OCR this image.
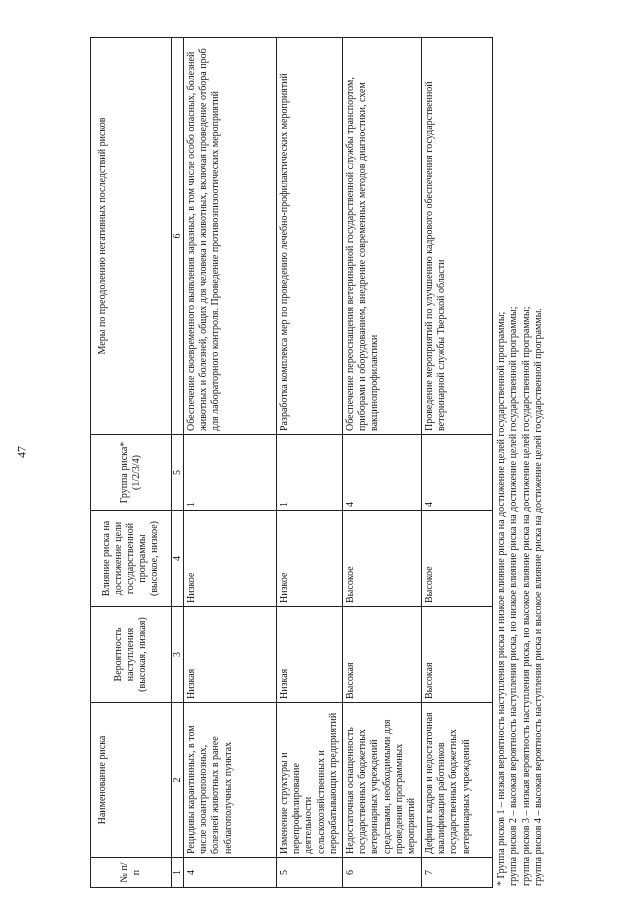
47
№ п/п	Наименование риска	Вероятность наступления (высокая, низкая)	Влияние риска на достижение цели государственной программы (высокое, низкое)	Группа риска* (1/2/3/4)	Меры по преодолению негативных последствий рисков
1	2	3	4	5	6
4	Рецидивы карантинных, в том числе зооантропонозных, болезней животных в ранее неблагополучных пунктах	Низкая	Низкое	1	Обеспечение своевременного выявления заразных, в том числе особо опасных, болезней животных и болезней, общих для человека и животных, включая проведение отбора проб для лабораторного контроля. Проведение противоэпизоотических мероприятий
5	Изменение структуры и перепрофилирование деятельности сельскохозяйственных и перерабатывающих предприятий	Низкая	Низкое	1	Разработка комплекса мер по проведению лечебно-профилактических мероприятий
6	Недостаточная оснащенность государственных бюджетных ветеринарных учреждений средствами, необходимыми для проведения программных мероприятий	Высокая	Высокое	4	Обеспечение переоснащения ветеринарной государственной службы транспортом, приборами и оборудованием, внедрение современных методов диагностики, схем вакцинопрофилактики
7	Дефицит кадров и недостаточная квалификация работников государственных бюджетных ветеринарных учреждений	Высокая	Высокое	4	Проведение мероприятий по улучшению кадрового обеспечения государственной ветеринарной службы Тверской области	* Группа рисков 1 – низкая вероятность наступления риска и низкое влияние риска на достижение целей государственной программы; группа рисков 2 – высокая вероятность наступления риска, но низкое влияние риска на достижение целей государственной программы; группа рисков 3 – низкая вероятность наступления риска, но высокое влияние риска на достижение целей государственной программы; группа рисков 4 – высокая вероятность наступления риска и высокое влияние риска на достижение целей государственной программы.
